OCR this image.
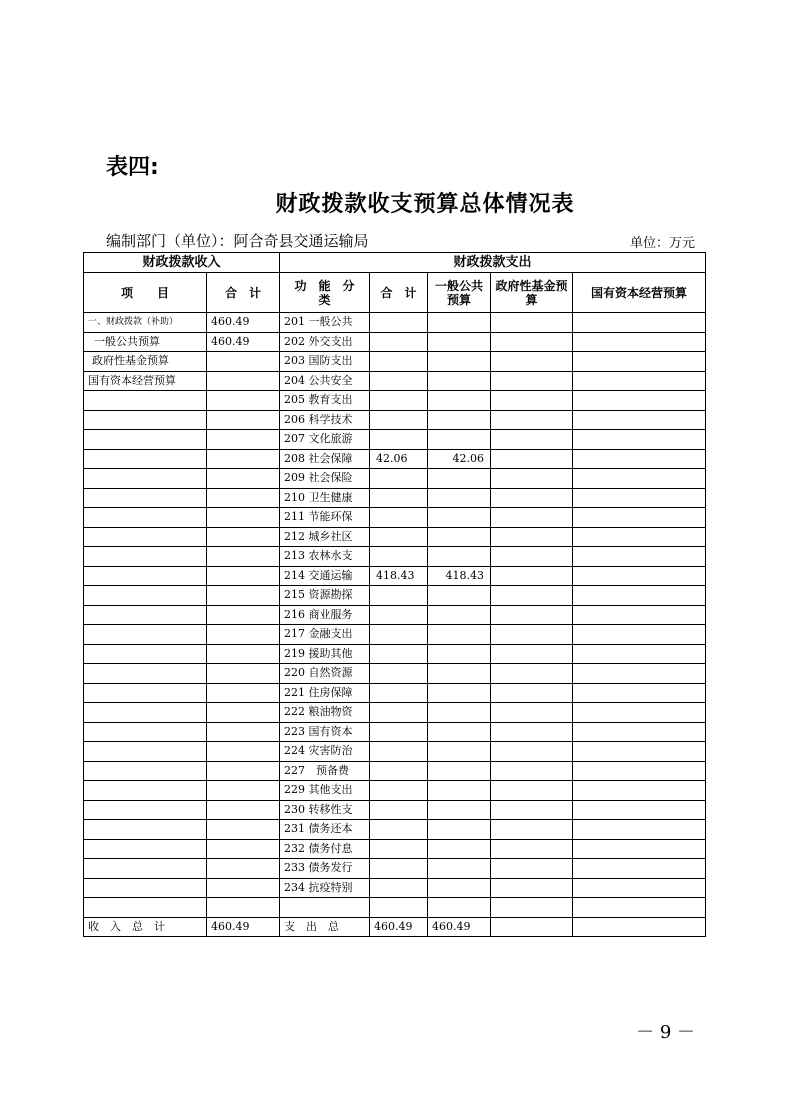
表四:
财政拨款收支预算总体情况表
编制部门（单位）：阿合奇县交通运输局	单位：万元
财政拨款收入		财政拨款支出				
项　　目	合　计	功　能　分　类	合　计	一般公共预算	政府性基金预算	国有资本经营预算
一、财政拨款（补助）	460.49	201 一般公共				
一般公共预算	460.49	202 外交支出				
政府性基金预算		203 国防支出				
国有资本经营预算		204 公共安全				
		205 教育支出				
		206 科学技术				
		207 文化旅游				
		208 社会保障	42.06	42.06		
		209 社会保险				
		210 卫生健康				
		211 节能环保				
		212 城乡社区				
		213 农林水支				
		214 交通运输	418.43	418.43		
		215 资源勘探				
		216 商业服务				
		217 金融支出				
		219 援助其他				
		220 自然资源				
		221 住房保障				
		222 粮油物资				
		223 国有资本				
		224 灾害防治				
		227　预备费				
		229 其他支出				
		230 转移性支				
		231 债务还本				
		232 债务付息				
		233 债务发行				
		234 抗疫特别				

收　入　总　计	460.49	支　出　总	460.49	460.49		
－ 9 －
